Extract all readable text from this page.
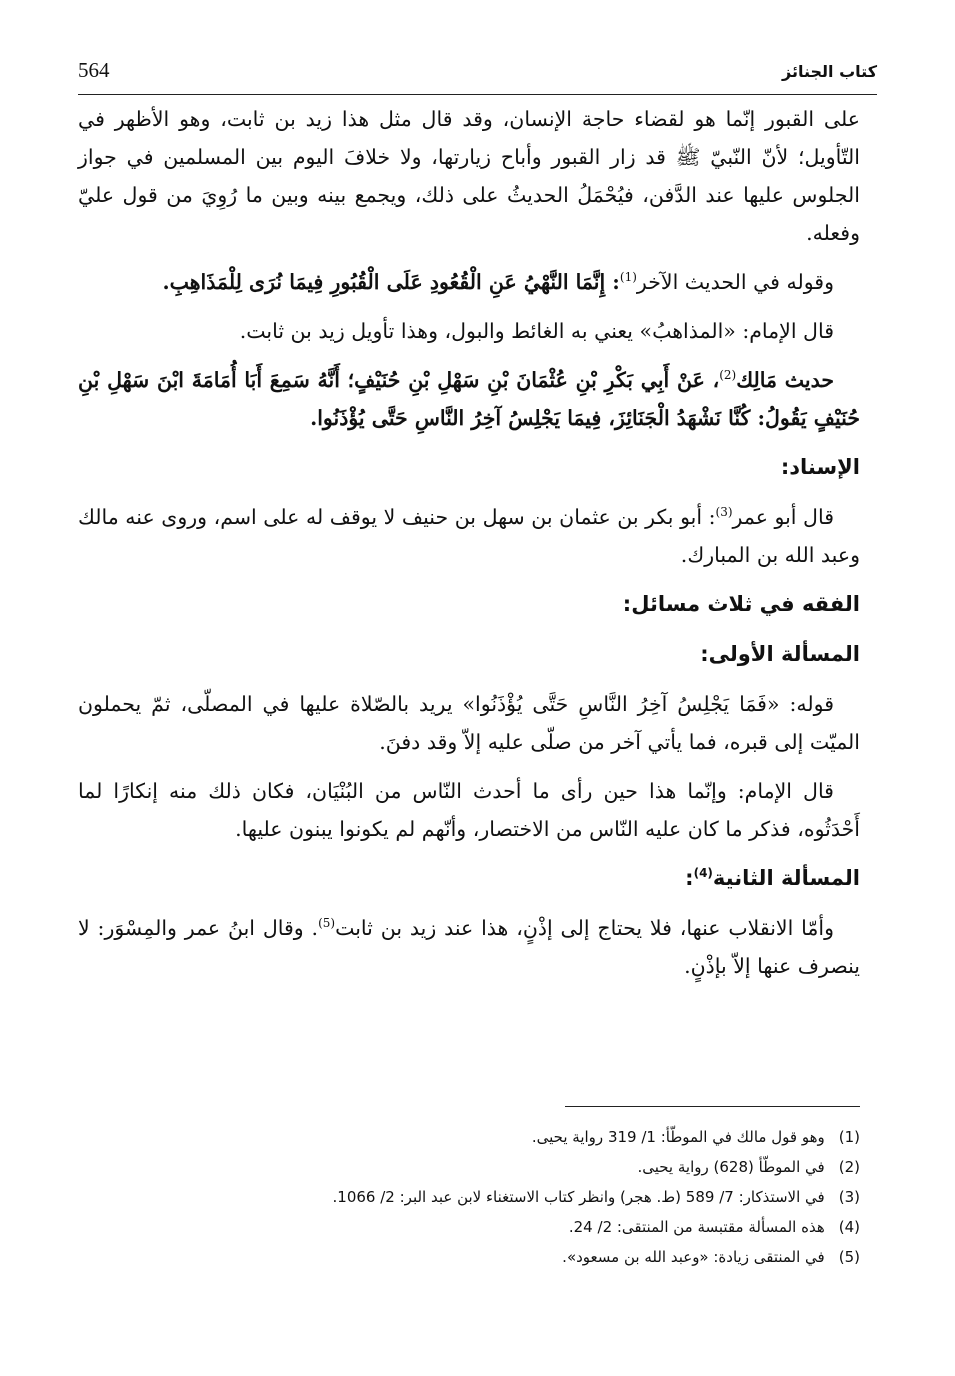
564	كتاب الجنائز

على القبور إنّما هو لقضاء حاجة الإنسان، وقد قال مثل هذا زيد بن ثابت، وهو الأظهر في التّأويل؛ لأنّ النّبيّ ﷺ قد زار القبور وأباح زيارتها، ولا خلافَ اليوم بين المسلمين في جواز الجلوس عليها عند الدَّفن، فيُحْمَلُ الحديثُ على ذلك، ويجمع بينه وبين ما رُوِيَ من قول عليّ وفعله.

وقوله في الحديث الآخر$^{(1)}$: إِنَّمَا النَّهْيُ عَنِ الْقُعُودِ عَلَى الْقُبُورِ فِيمَا نُرَى لِلْمَذَاهِبِ.

قال الإمام: «المذاهبُ» يعني به الغائط والبول، وهذا تأويل زيد بن ثابت.

حديث مَالِك$^{(2)}$، عَنْ أَبِي بَكْرِ بْنِ عُثْمَانَ بْنِ سَهْلِ بْنِ حُنَيْفٍ؛ أَنَّهُ سَمِعَ أَبَا أُمَامَةَ ابْنَ سَهْلِ بْنِ حُنَيْفٍ يَقُولُ: كُنَّا نَشْهَدُ الْجَنَائِزَ، فِيمَا يَجْلِسُ آخِرُ النَّاسِ حَتَّى يُؤْذَنُوا.

الإسناد:

قال أبو عمر$^{(3)}$: أبو بكر بن عثمان بن سهل بن حنيف لا يوقف له على اسم، وروى عنه مالك وعبد الله بن المبارك.

الفقه في ثلاث مسائل:
المسألة الأولى:

قوله: «فَمَا يَجْلِسُ آخِرُ النَّاسِ حَتَّى يُؤْذَنُوا» يريد بالصّلاة عليها في المصلّى، ثمّ يحملون الميّت إلى قبره، فما يأتي آخر من صلّى عليه إلاّ وقد دفنَ.

قال الإمام: وإنّما هذا حين رأى ما أحدث النّاس من البُنْيَان، فكان ذلك منه إنكارًا لما أَحْدَثُوه، فذكر ما كان عليه النّاس من الاختصار، وأنّهم لم يكونوا يبنون عليها.

المسألة الثانية$^{(4)}$:

وأمّا الانقلاب عنها، فلا يحتاج إلى إذْنٍ، هذا عند زيد بن ثابت$^{(5)}$. وقال ابنُ عمر والمِسْوَر: لا ينصرف عنها إلاّ بإذْنٍ.

(1)
وهو قول مالك في الموطّأ: 1/ 319 رواية يحيى.
(2)
في الموطّأ (628) رواية يحيى.
(3)
في الاستذكار: 7/ 589 (ط. هجر) وانظر كتاب الاستغناء لابن عبد البر: 2/ 1066.
(4)
هذه المسألة مقتبسة من المنتقى: 2/ 24.
(5)
في المنتقى زيادة: «وعبد الله بن مسعود».
